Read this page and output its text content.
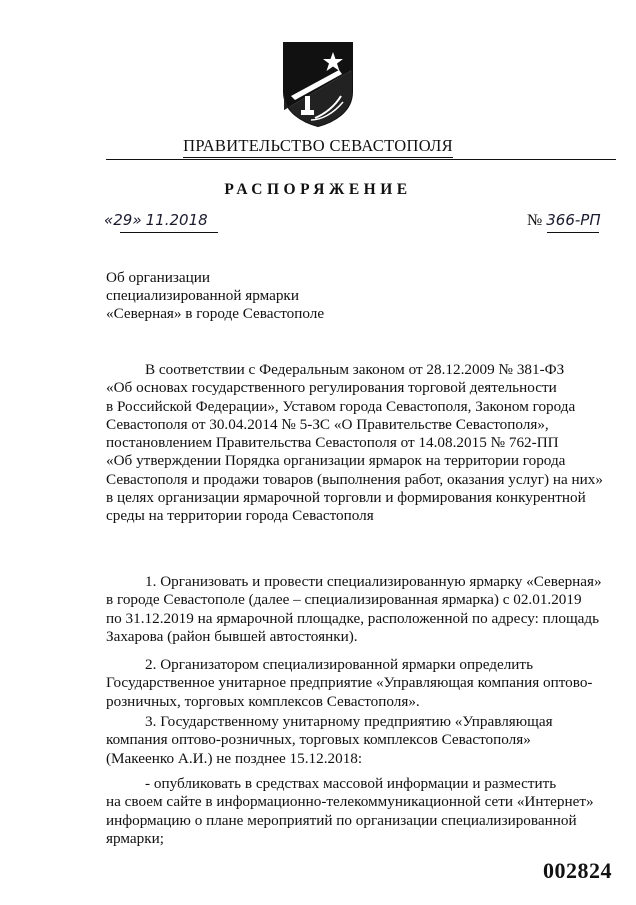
ПРАВИТЕЛЬСТВО СЕВАСТОПОЛЯ
РАСПОРЯЖЕНИЕ
«29» 11.2018	№ 366-РП
Об организации
специализированной ярмарки
«Северная» в городе Севастополе
В соответствии с Федеральным законом от 28.12.2009 № 381-ФЗ
«Об основах государственного регулирования торговой деятельности
в Российской Федерации», Уставом города Севастополя, Законом города
Севастополя от 30.04.2014 № 5-ЗС «О Правительстве Севастополя»,
постановлением Правительства Севастополя от 14.08.2015 № 762-ПП
«Об утверждении Порядка организации ярмарок на территории города
Севастополя и продажи товаров (выполнения работ, оказания услуг) на них»
в целях организации ярмарочной торговли и формирования конкурентной
среды на территории города Севастополя
1. Организовать и провести специализированную ярмарку «Северная»
в городе Севастополе (далее – специализированная ярмарка) с 02.01.2019
по 31.12.2019 на ярмарочной площадке, расположенной по адресу: площадь
Захарова (район бывшей автостоянки).
2. Организатором специализированной ярмарки определить
Государственное унитарное предприятие «Управляющая компания оптово-
розничных, торговых комплексов Севастополя».
3. Государственному унитарному предприятию «Управляющая
компания оптово-розничных, торговых комплексов Севастополя»
(Макеенко А.И.) не позднее 15.12.2018:
- опубликовать в средствах массовой информации и разместить
на своем сайте в информационно-телекоммуникационной сети «Интернет»
информацию о плане мероприятий по организации специализированной
ярмарки;
002824
